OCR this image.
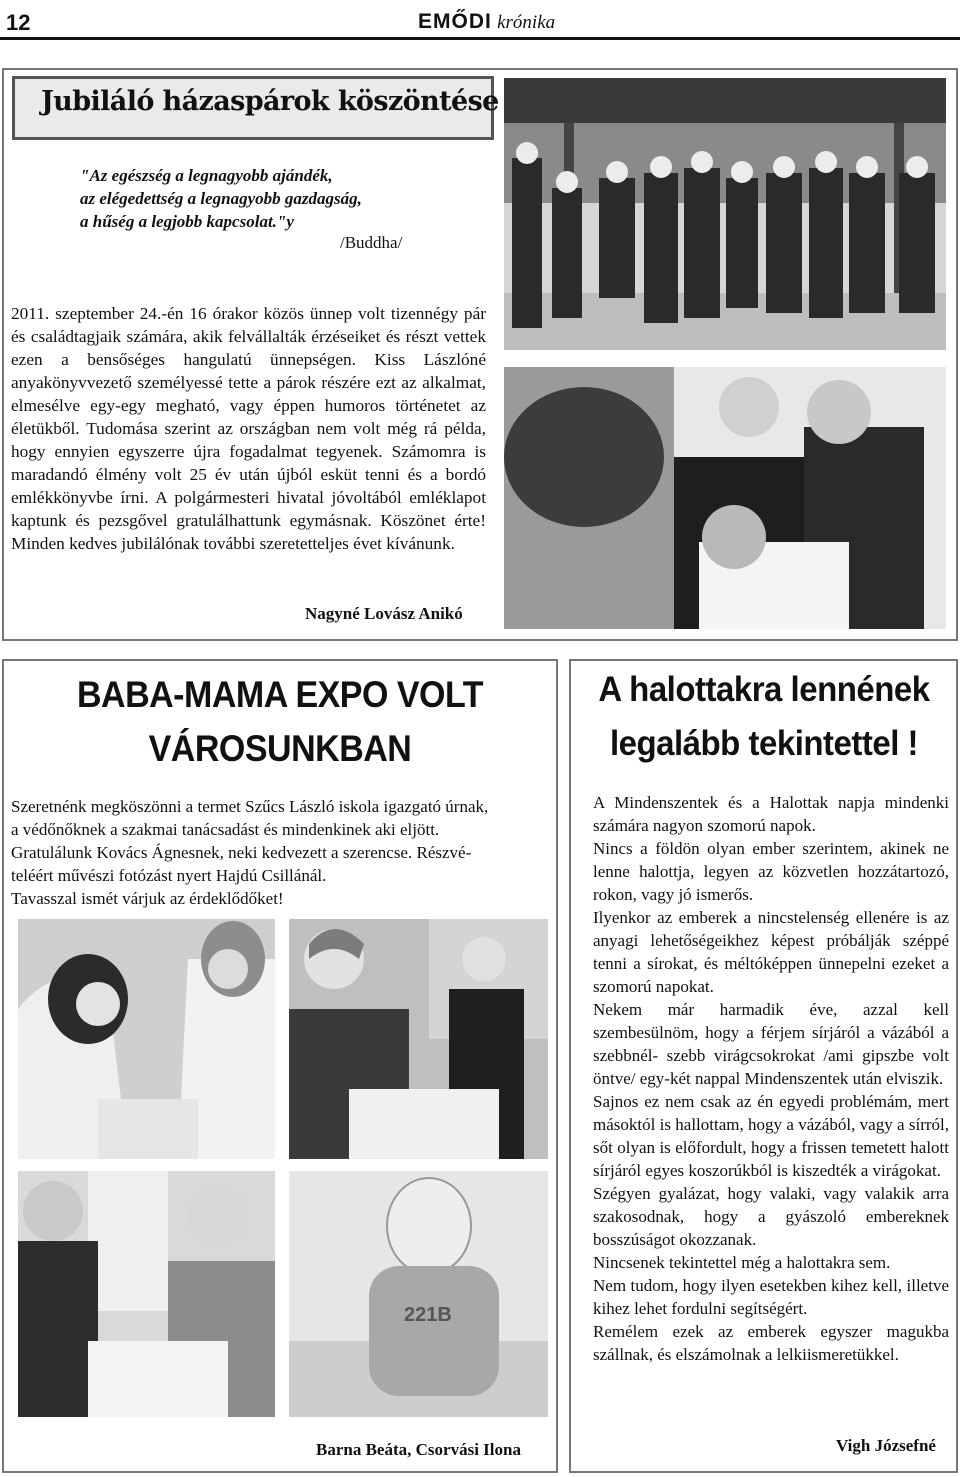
12	EMŐDI krónika
Jubiláló házaspárok köszöntése
"Az egészség a legnagyobb ajándék,
az elégedettség a legnagyobb gazdagság,
a hűség a legjobb kapcsolat."y
/Buddha/

2011. szeptember 24.-én 16 órakor közös ünnep volt tizennégy pár és családtagjaik számára, akik felvállalták érzéseiket és részt vettek ezen a bensőséges hangulatú ünnepségen. Kiss Lászlóné anyakönyvvezető személyessé tette a párok részére ezt az alkalmat, elmesélve egy-egy megható, vagy éppen humoros történetet az életükből. Tudomása szerint az országban nem volt még rá példa, hogy ennyien egyszerre újra fogadalmat tegyenek. Számomra is maradandó élmény volt 25 év után újból esküt tenni és a bordó emlékkönyvbe írni. A polgármesteri hivatal jóvoltából emléklapot kaptunk és pezsgővel gratulálhattunk egymásnak. Köszönet érte! Minden kedves jubilálónak további szeretetteljes évet kívánunk.

Nagyné Lovász Anikó
BABA-MAMA EXPO VOLT
VÁROSUNKBAN
Szeretnénk megköszönni a termet Szűcs László iskola igazgató úrnak,
a védőnőknek a szakmai tanácsadást és mindenkinek aki eljött.
Gratulálunk Kovács Ágnesnek, neki kedvezett a szerencse. Részvé-
teléért művészi fotózást nyert Hajdú Csillánál.
Tavasszal ismét várjuk az érdeklődőket!
221B
Barna Beáta, Csorvási Ilona
A halottakra lennének
legalább tekintettel !

A Mindenszentek és a Halottak napja mindenki számára nagyon szomorú napok.

Nincs a földön olyan ember szerintem, akinek ne lenne halottja, legyen az közvetlen hozzátartozó, rokon, vagy jó ismerős.

Ilyenkor az emberek a nincstelenség ellenére is az anyagi lehetőségeikhez képest próbálják széppé tenni a sírokat, és méltóképpen ünnepelni ezeket a szomorú napokat.

Nekem már harmadik éve, azzal kell szembesülnöm, hogy a férjem sírjáról a vázából a szebbnél- szebb virágcsokrokat /ami gipszbe volt öntve/ egy-két nappal Mindenszentek után elviszik.

Sajnos ez nem csak az én egyedi problémám, mert másoktól is hallottam, hogy a vázából, vagy a sírról, sőt olyan is előfordult, hogy a frissen temetett halott sírjáról egyes koszorúkból is kiszedték a virágokat.

Szégyen gyalázat, hogy valaki, vagy valakik arra szakosodnak, hogy a gyászoló embereknek bosszúságot okozzanak.

Nincsenek tekintettel még a halottakra sem.

Nem tudom, hogy ilyen esetekben kihez kell, illetve kihez lehet fordulni segítségért.

Remélem ezek az emberek egyszer magukba szállnak, és elszámolnak a lelkiismeretükkel.

Vigh Józsefné
